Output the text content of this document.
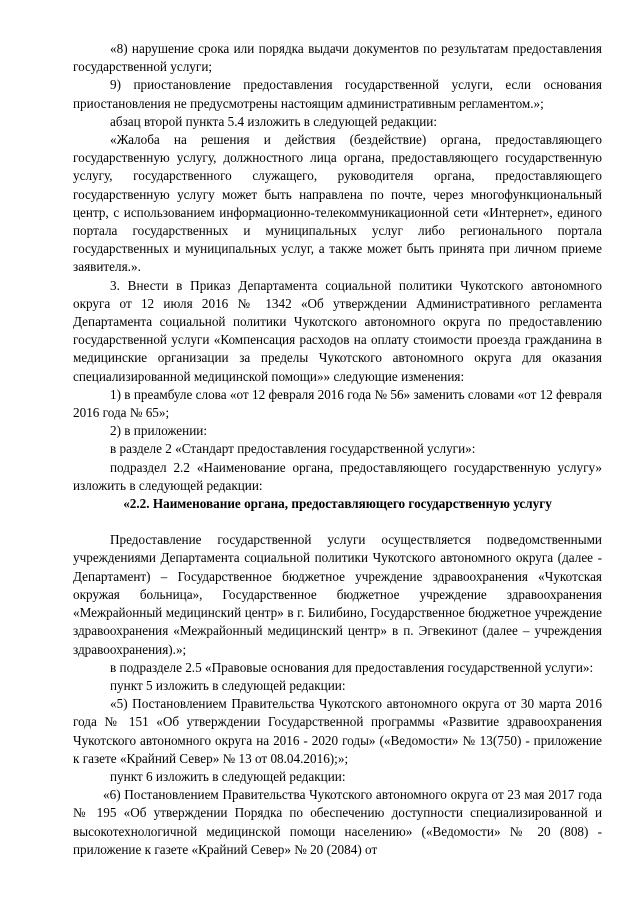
«8) нарушение срока или порядка выдачи документов по результатам предоставления государственной услуги;

9) приостановление предоставления государственной услуги, если основания приостановления не предусмотрены настоящим административным регламентом.»;

абзац второй пункта 5.4 изложить в следующей редакции:

«Жалоба на решения и действия (бездействие) органа, предоставляющего государственную услугу, должностного лица органа, предоставляющего государственную услугу, государственного служащего, руководителя органа, предоставляющего государственную услугу может быть направлена по почте, через многофункциональный центр, с использованием информационно-телекоммуникационной сети «Интернет», единого портала государственных и муниципальных услуг либо регионального портала государственных и муниципальных услуг, а также может быть принята при личном приеме заявителя.».

3. Внести в Приказ Департамента социальной политики Чукотского автономного округа от 12 июля 2016 № 1342 «Об утверждении Административного регламента Департамента социальной политики Чукотского автономного округа по предоставлению государственной услуги «Компенсация расходов на оплату стоимости проезда гражданина в медицинские организации за пределы Чукотского автономного округа для оказания специализированной медицинской помощи»» следующие изменения:

1) в преамбуле слова «от 12 февраля 2016 года № 56» заменить словами «от 12 февраля 2016 года № 65»;

2) в приложении:

в разделе 2 «Стандарт предоставления государственной услуги»:

подраздел 2.2 «Наименование органа, предоставляющего государственную услугу» изложить в следующей редакции:

«2.2. Наименование органа, предоставляющего государственную услугу

Предоставление государственной услуги осуществляется подведомственными учреждениями Департамента социальной политики Чукотского автономного округа (далее - Департамент) – Государственное бюджетное учреждение здравоохранения «Чукотская окружая больница», Государственное бюджетное учреждение здравоохранения «Межрайонный медицинский центр» в г. Билибино, Государственное бюджетное учреждение здравоохранения «Межрайонный медицинский центр» в п. Эгвекинот (далее – учреждения здравоохранения).»;

в подразделе 2.5 «Правовые основания для предоставления государственной услуги»:

пункт 5 изложить в следующей редакции:

«5) Постановлением Правительства Чукотского автономного округа от 30 марта 2016 года № 151 «Об утверждении Государственной программы «Развитие здравоохранения Чукотского автономного округа на 2016 - 2020 годы» («Ведомости» № 13(750) - приложение к газете «Крайний Север» № 13 от 08.04.2016);»;

пункт 6 изложить в следующей редакции:

«6) Постановлением Правительства Чукотского автономного округа от 23 мая 2017 года № 195 «Об утверждении Порядка по обеспечению доступности специализированной и высокотехнологичной медицинской помощи населению» («Ведомости» № 20 (808) - приложение к газете «Крайний Север» № 20 (2084) от
